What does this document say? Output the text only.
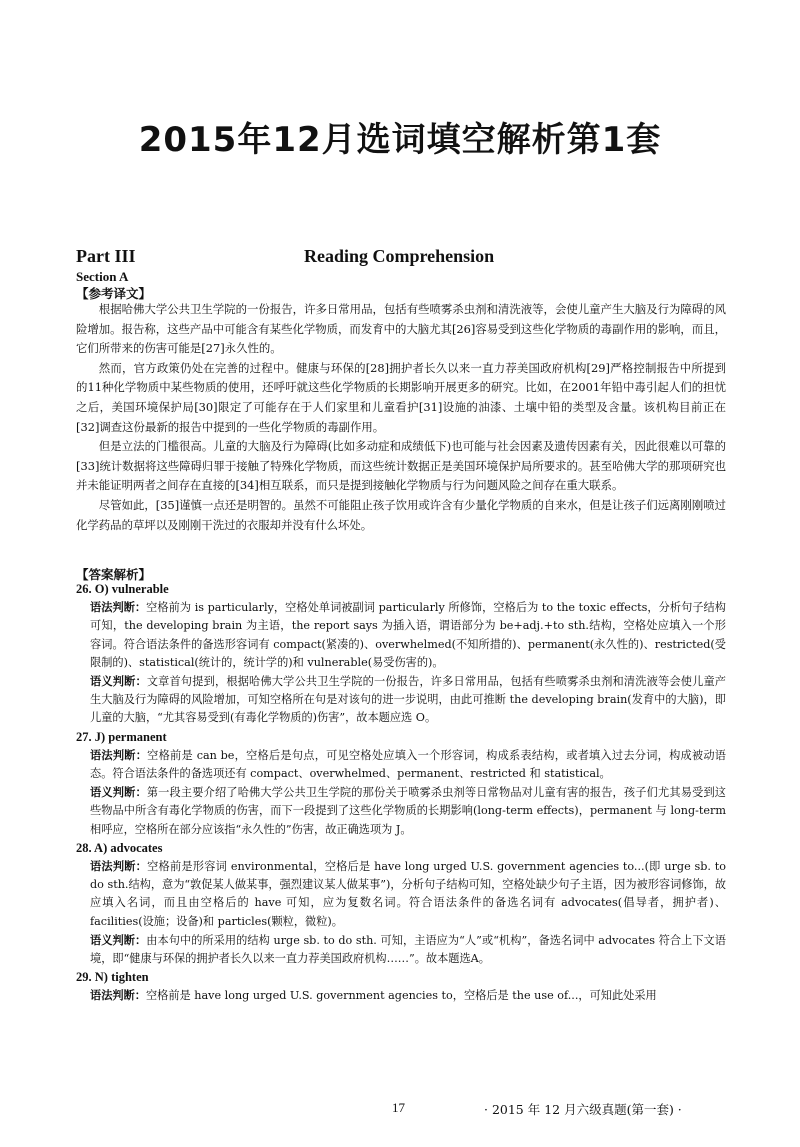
2015年12月选词填空解析第1套
Part III	Reading Comprehension
Section A
【参考译文】

根据哈佛大学公共卫生学院的一份报告，许多日常用品，包括有些喷雾杀虫剂和清洗液等，会使儿童产生大脑及行为障碍的风险增加。报告称，这些产品中可能含有某些化学物质，而发育中的大脑尤其[26]容易受到这些化学物质的毒副作用的影响，而且，它们所带来的伤害可能是[27]永久性的。

然而，官方政策仍处在完善的过程中。健康与环保的[28]拥护者长久以来一直力荐美国政府机构[29]严格控制报告中所提到的11种化学物质中某些物质的使用，还呼吁就这些化学物质的长期影响开展更多的研究。比如，在2001年铅中毒引起人们的担忧之后，美国环境保护局[30]限定了可能存在于人们家里和儿童看护[31]设施的油漆、土壤中铅的类型及含量。该机构目前正在[32]调查这份最新的报告中提到的一些化学物质的毒副作用。

但是立法的门槛很高。儿童的大脑及行为障碍(比如多动症和成绩低下)也可能与社会因素及遗传因素有关，因此很难以可靠的[33]统计数据将这些障碍归罪于接触了特殊化学物质，而这些统计数据正是美国环境保护局所要求的。甚至哈佛大学的那项研究也并未能证明两者之间存在直接的[34]相互联系，而只是提到接触化学物质与行为问题风险之间存在重大联系。

尽管如此，[35]谨慎一点还是明智的。虽然不可能阻止孩子饮用或许含有少量化学物质的自来水，但是让孩子们远离刚刚喷过化学药品的草坪以及刚刚干洗过的衣服却并没有什么坏处。

【答案解析】

26. O) vulnerable

语法判断：空格前为 is particularly，空格处单词被副词 particularly 所修饰，空格后为 to the toxic effects，分析句子结构可知，the developing brain 为主语，the report says 为插入语，谓语部分为 be+adj.+to sth.结构，空格处应填入一个形容词。符合语法条件的备选形容词有 compact(紧凑的)、overwhelmed(不知所措的)、permanent(永久性的)、restricted(受限制的)、statistical(统计的，统计学的)和 vulnerable(易受伤害的)。

语义判断：文章首句提到，根据哈佛大学公共卫生学院的一份报告，许多日常用品，包括有些喷雾杀虫剂和清洗液等会使儿童产生大脑及行为障碍的风险增加，可知空格所在句是对该句的进一步说明，由此可推断 the developing brain(发育中的大脑)，即儿童的大脑，“尤其容易受到(有毒化学物质的)伤害”，故本题应选 O。

27. J) permanent

语法判断：空格前是 can be，空格后是句点，可见空格处应填入一个形容词，构成系表结构，或者填入过去分词，构成被动语态。符合语法条件的备选项还有 compact、overwhelmed、permanent、restricted 和 statistical。

语义判断：第一段主要介绍了哈佛大学公共卫生学院的那份关于喷雾杀虫剂等日常物品对儿童有害的报告，孩子们尤其易受到这些物品中所含有毒化学物质的伤害，而下一段提到了这些化学物质的长期影响(long-term effects)，permanent 与 long-term 相呼应，空格所在部分应该指“永久性的”伤害，故正确选项为 J。

28. A) advocates

语法判断：空格前是形容词 environmental，空格后是 have long urged U.S. government agencies to...(即 urge sb. to do sth.结构，意为“敦促某人做某事，强烈建议某人做某事”)，分析句子结构可知，空格处缺少句子主语，因为被形容词修饰，故应填入名词，而且由空格后的 have 可知，应为复数名词。符合语法条件的备选名词有 advocates(倡导者，拥护者)、facilities(设施；设备)和 particles(颗粒，微粒)。

语义判断：由本句中的所采用的结构 urge sb. to do sth. 可知，主语应为“人”或“机构”，备选名词中 advocates 符合上下文语境，即“健康与环保的拥护者长久以来一直力荐美国政府机构……”。故本题选A。

29. N) tighten

语法判断：空格前是 have long urged U.S. government agencies to，空格后是 the use of...，可知此处采用

17	· 2015 年 12 月六级真题(第一套) ·
